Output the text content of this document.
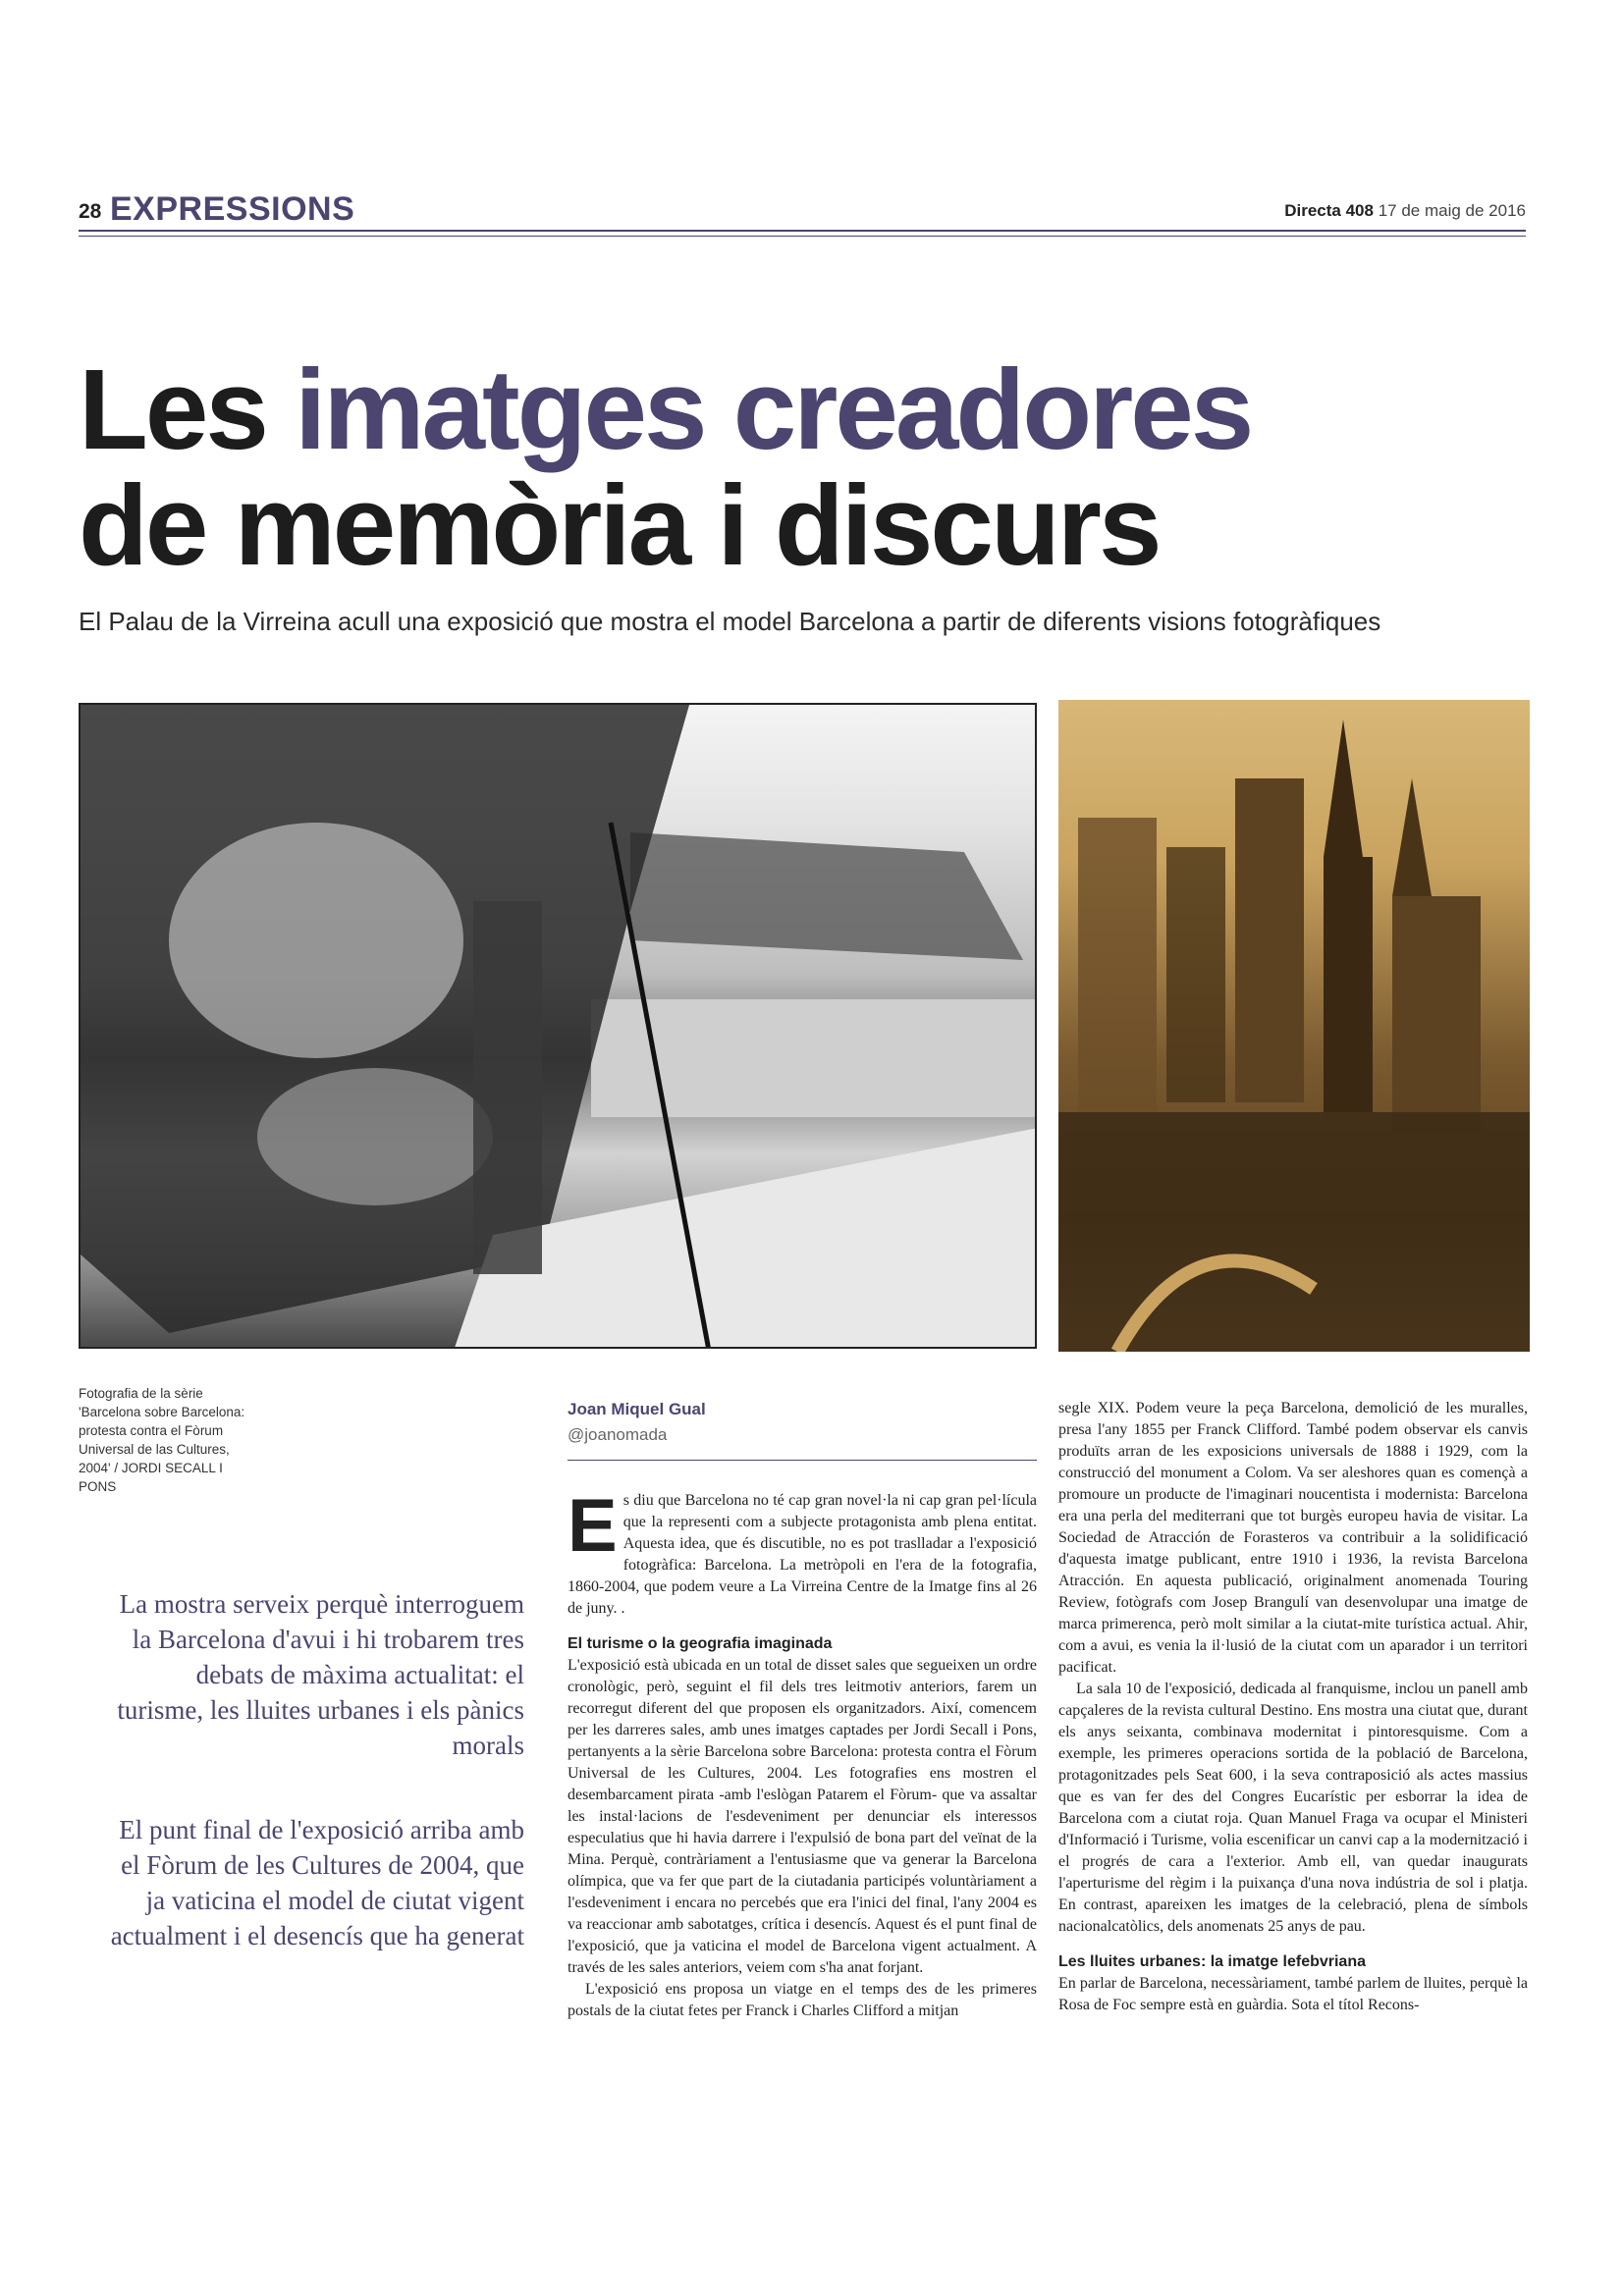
28 EXPRESSIONS	Directa 408 17 de maig de 2016
Les imatges creadores
de memòria i discurs

El Palau de la Virreina acull una exposició que mostra el model Barcelona a partir de diferents visions fotogràfiques

Fotografia de la sèrie 'Barcelona sobre Barcelona: protesta contra el Fòrum Universal de las Cultures, 2004' / JORDI SECALL I PONS

La mostra serveix perquè interroguem la Barcelona d'avui i hi trobarem tres debats de màxima actualitat: el turisme, les lluites urbanes i els pànics morals

El punt final de l'exposició arriba amb el Fòrum de les Cultures de 2004, que ja vaticina el model de ciutat vigent actualment i el desencís que ha generat

Joan Miquel Gual

@joanomada

Es diu que Barcelona no té cap gran novel·la ni cap gran pel·lícula que la representi com a subjecte protagonista amb plena entitat. Aquesta idea, que és discutible, no es pot traslladar a l'exposició fotogràfica: Barcelona. La metròpoli en l'era de la fotografia, 1860-2004, que podem veure a La Virreina Centre de la Imatge fins al 26 de juny. .

El turisme o la geografia imaginada

L'exposició està ubicada en un total de disset sales que segueixen un ordre cronològic, però, seguint el fil dels tres leitmotiv anteriors, farem un recorregut diferent del que proposen els organitzadors. Així, comencem per les darreres sales, amb unes imatges captades per Jordi Secall i Pons, pertanyents a la sèrie Barcelona sobre Barcelona: protesta contra el Fòrum Universal de les Cultures, 2004. Les fotografies ens mostren el desembarcament pirata -amb l'eslògan Patarem el Fòrum- que va assaltar les instal·lacions de l'esdeveniment per denunciar els interessos especulatius que hi havia darrere i l'expulsió de bona part del veïnat de la Mina. Perquè, contràriament a l'entusiasme que va generar la Barcelona olímpica, que va fer que part de la ciutadania participés voluntàriament a l'esdeveniment i encara no percebés que era l'inici del final, l'any 2004 es va reaccionar amb sabotatges, crítica i desencís. Aquest és el punt final de l'exposició, que ja vaticina el model de Barcelona vigent actualment. A través de les sales anteriors, veiem com s'ha anat forjant.

L'exposició ens proposa un viatge en el temps des de les primeres postals de la ciutat fetes per Franck i Charles Clifford a mitjan

segle XIX. Podem veure la peça Barcelona, demolició de les muralles, presa l'any 1855 per Franck Clifford. També podem observar els canvis produïts arran de les exposicions universals de 1888 i 1929, com la construcció del monument a Colom. Va ser aleshores quan es començà a promoure un producte de l'imaginari noucentista i modernista: Barcelona era una perla del mediterrani que tot burgès europeu havia de visitar. La Sociedad de Atracción de Forasteros va contribuir a la solidificació d'aquesta imatge publicant, entre 1910 i 1936, la revista Barcelona Atracción. En aquesta publicació, originalment anomenada Touring Review, fotògrafs com Josep Brangulí van desenvolupar una imatge de marca primerenca, però molt similar a la ciutat-mite turística actual. Ahir, com a avui, es venia la il·lusió de la ciutat com un aparador i un territori pacificat.

La sala 10 de l'exposició, dedicada al franquisme, inclou un panell amb capçaleres de la revista cultural Destino. Ens mostra una ciutat que, durant els anys seixanta, combinava modernitat i pintoresquisme. Com a exemple, les primeres operacions sortida de la població de Barcelona, protagonitzades pels Seat 600, i la seva contraposició als actes massius que es van fer des del Congres Eucarístic per esborrar la idea de Barcelona com a ciutat roja. Quan Manuel Fraga va ocupar el Ministeri d'Informació i Turisme, volia escenificar un canvi cap a la modernització i el progrés de cara a l'exterior. Amb ell, van quedar inaugurats l'aperturisme del règim i la puixança d'una nova indústria de sol i platja. En contrast, apareixen les imatges de la celebració, plena de símbols nacionalcatòlics, dels anomenats 25 anys de pau.

Les lluites urbanes: la imatge lefebvriana

En parlar de Barcelona, necessàriament, també parlem de lluites, perquè la Rosa de Foc sempre està en guàrdia. Sota el títol Recons-
